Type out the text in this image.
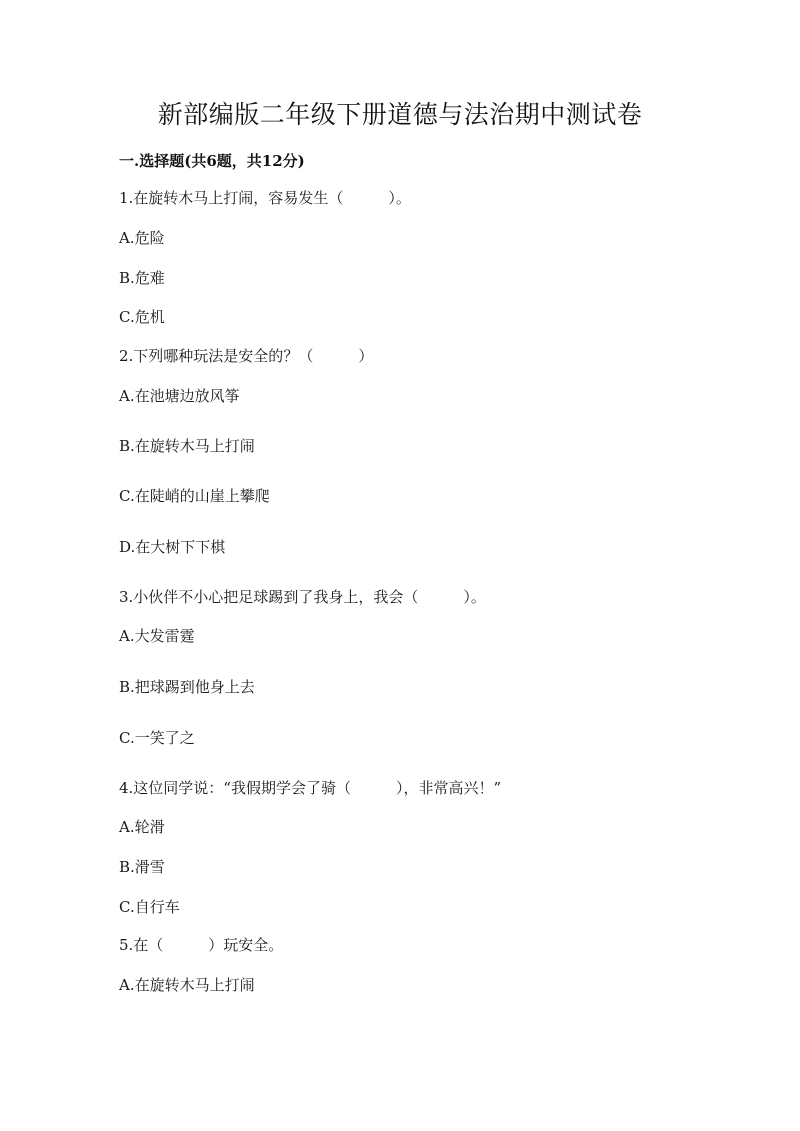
新部编版二年级下册道德与法治期中测试卷
一.选择题(共6题，共12分)
1.在旋转木马上打闹，容易发生（　　　）。
A.危险
B.危难
C.危机
2.下列哪种玩法是安全的？（　　　）
A.在池塘边放风筝
B.在旋转木马上打闹
C.在陡峭的山崖上攀爬
D.在大树下下棋
3.小伙伴不小心把足球踢到了我身上，我会（　　　）。
A.大发雷霆
B.把球踢到他身上去
C.一笑了之
4.这位同学说：“我假期学会了骑（　　　），非常高兴！”
A.轮滑
B.滑雪
C.自行车
5.在（　　　）玩安全。
A.在旋转木马上打闹
